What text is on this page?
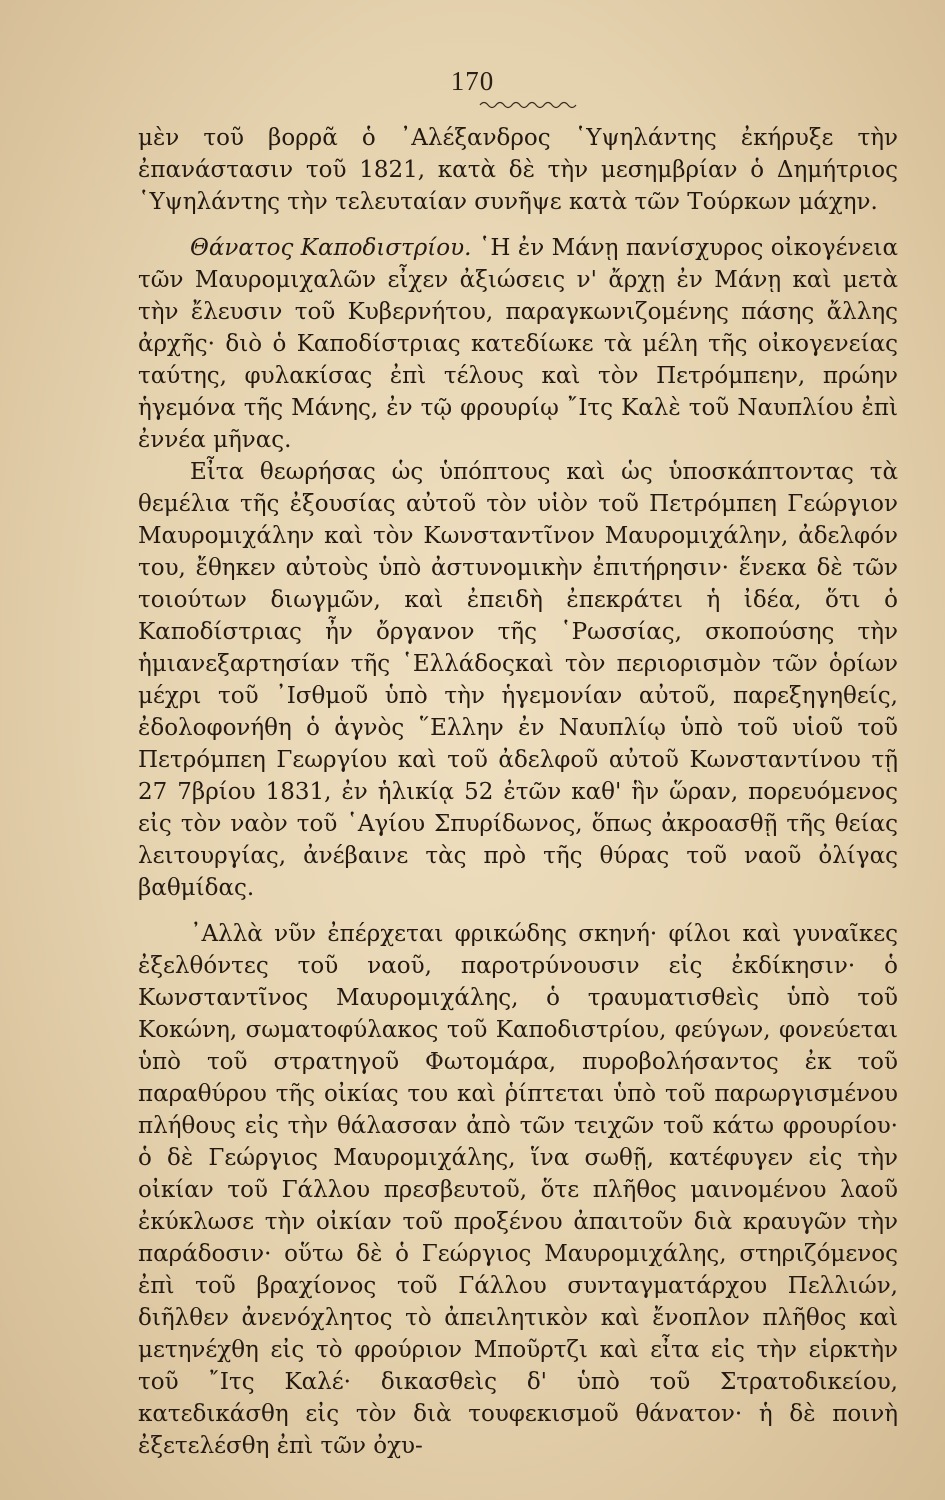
170

μὲν τοῦ βορρᾶ ὁ ᾿Αλέξανδρος ῾Υψηλάντης ἐκήρυξε τὴν ἐπανάστασιν τοῦ 1821, κατὰ δὲ τὴν μεσημβρίαν ὁ Δημήτριος ῾Υψηλάντης τὴν τελευταίαν συνῆψε κατὰ τῶν Τούρκων μάχην.

Θάνατος Καποδιστρίου. ῾Η ἐν Μάνῃ πανίσχυρος οἰκογένεια τῶν Μαυρομιχαλῶν εἶχεν ἀξιώσεις ν' ἄρχῃ ἐν Μάνῃ καὶ μετὰ τὴν ἔλευσιν τοῦ Κυβερνήτου, παραγκωνιζομένης πάσης ἄλλης ἀρχῆς· διὸ ὁ Καποδίστριας κατεδίωκε τὰ μέλη τῆς οἰκογενείας ταύτης, φυλακίσας ἐπὶ τέλους καὶ τὸν Πετρόμπεην, πρώην ἡγεμόνα τῆς Μάνης, ἐν τῷ φρουρίῳ ῎Ιτς Καλὲ τοῦ Ναυπλίου ἐπὶ ἐννέα μῆνας.

Εἶτα θεωρήσας ὡς ὑπόπτους καὶ ὡς ὑποσκάπτοντας τὰ θεμέλια τῆς ἐξουσίας αὐτοῦ τὸν υἱὸν τοῦ Πετρόμπεη Γεώργιον Μαυρομιχάλην καὶ τὸν Κωνσταντῖνον Μαυρομιχάλην, ἀδελφόν του, ἔθηκεν αὐτοὺς ὑπὸ ἀστυνομικὴν ἐπιτήρησιν· ἕνεκα δὲ τῶν τοιούτων διωγμῶν, καὶ ἐπειδὴ ἐπεκράτει ἡ ἰδέα, ὅτι ὁ Καποδίστριας ἦν ὄργανον τῆς ῾Ρωσσίας, σκοπούσης τὴν ἡμιανεξαρτησίαν τῆς ῾Ελλάδοςκαὶ τὸν περιορισμὸν τῶν ὁρίων μέχρι τοῦ ᾿Ισθμοῦ ὑπὸ τὴν ἡγεμονίαν αὐτοῦ, παρεξηγηθείς, ἐδολοφονήθη ὁ ἁγνὸς ῞Ελλην ἐν Ναυπλίῳ ὑπὸ τοῦ υἱοῦ τοῦ Πετρόμπεη Γεωργίου καὶ τοῦ ἀδελφοῦ αὐτοῦ Κωνσταντίνου τῇ 27 7βρίου 1831, ἐν ἡλικίᾳ 52 ἐτῶν καθ' ἣν ὥραν, πορευόμενος εἰς τὸν ναὸν τοῦ ῾Αγίου Σπυρίδωνος, ὅπως ἀκροασθῇ τῆς θείας λειτουργίας, ἀνέβαινε τὰς πρὸ τῆς θύρας τοῦ ναοῦ ὀλίγας βαθμίδας.

᾿Αλλὰ νῦν ἐπέρχεται φρικώδης σκηνή· φίλοι καὶ γυναῖκες ἐξελθόντες τοῦ ναοῦ, παροτρύνουσιν εἰς ἐκδίκησιν· ὁ Κωνσταντῖνος Μαυρομιχάλης, ὁ τραυματισθεὶς ὑπὸ τοῦ Κοκώνη, σωματοφύλακος τοῦ Καποδιστρίου, φεύγων, φονεύεται ὑπὸ τοῦ στρατηγοῦ Φωτομάρα, πυροβολήσαντος ἐκ τοῦ παραθύρου τῆς οἰκίας του καὶ ῥίπτεται ὑπὸ τοῦ παρωργισμένου πλήθους εἰς τὴν θάλασσαν ἀπὸ τῶν τειχῶν τοῦ κάτω φρουρίου· ὁ δὲ Γεώργιος Μαυρομιχάλης, ἵνα σωθῇ, κατέφυγεν εἰς τὴν οἰκίαν τοῦ Γάλλου πρεσβευτοῦ, ὅτε πλῆθος μαινομένου λαοῦ ἐκύκλωσε τὴν οἰκίαν τοῦ προξένου ἀπαιτοῦν διὰ κραυγῶν τὴν παράδοσιν· οὕτω δὲ ὁ Γεώργιος Μαυρομιχάλης, στηριζόμενος ἐπὶ τοῦ βραχίονος τοῦ Γάλλου συνταγματάρχου Πελλιών, διῆλθεν ἀνενόχλητος τὸ ἀπειλητικὸν καὶ ἔνοπλον πλῆθος καὶ μετηνέχθη εἰς τὸ φρούριον Μποῦρτζι καὶ εἶτα εἰς τὴν εἱρκτὴν τοῦ ῎Ιτς Καλέ· δικασθεὶς δ' ὑπὸ τοῦ Στρατοδικείου, κατεδικάσθη εἰς τὸν διὰ τουφεκισμοῦ θάνατον· ἡ δὲ ποινὴ ἐξετελέσθη ἐπὶ τῶν ὀχυ-
